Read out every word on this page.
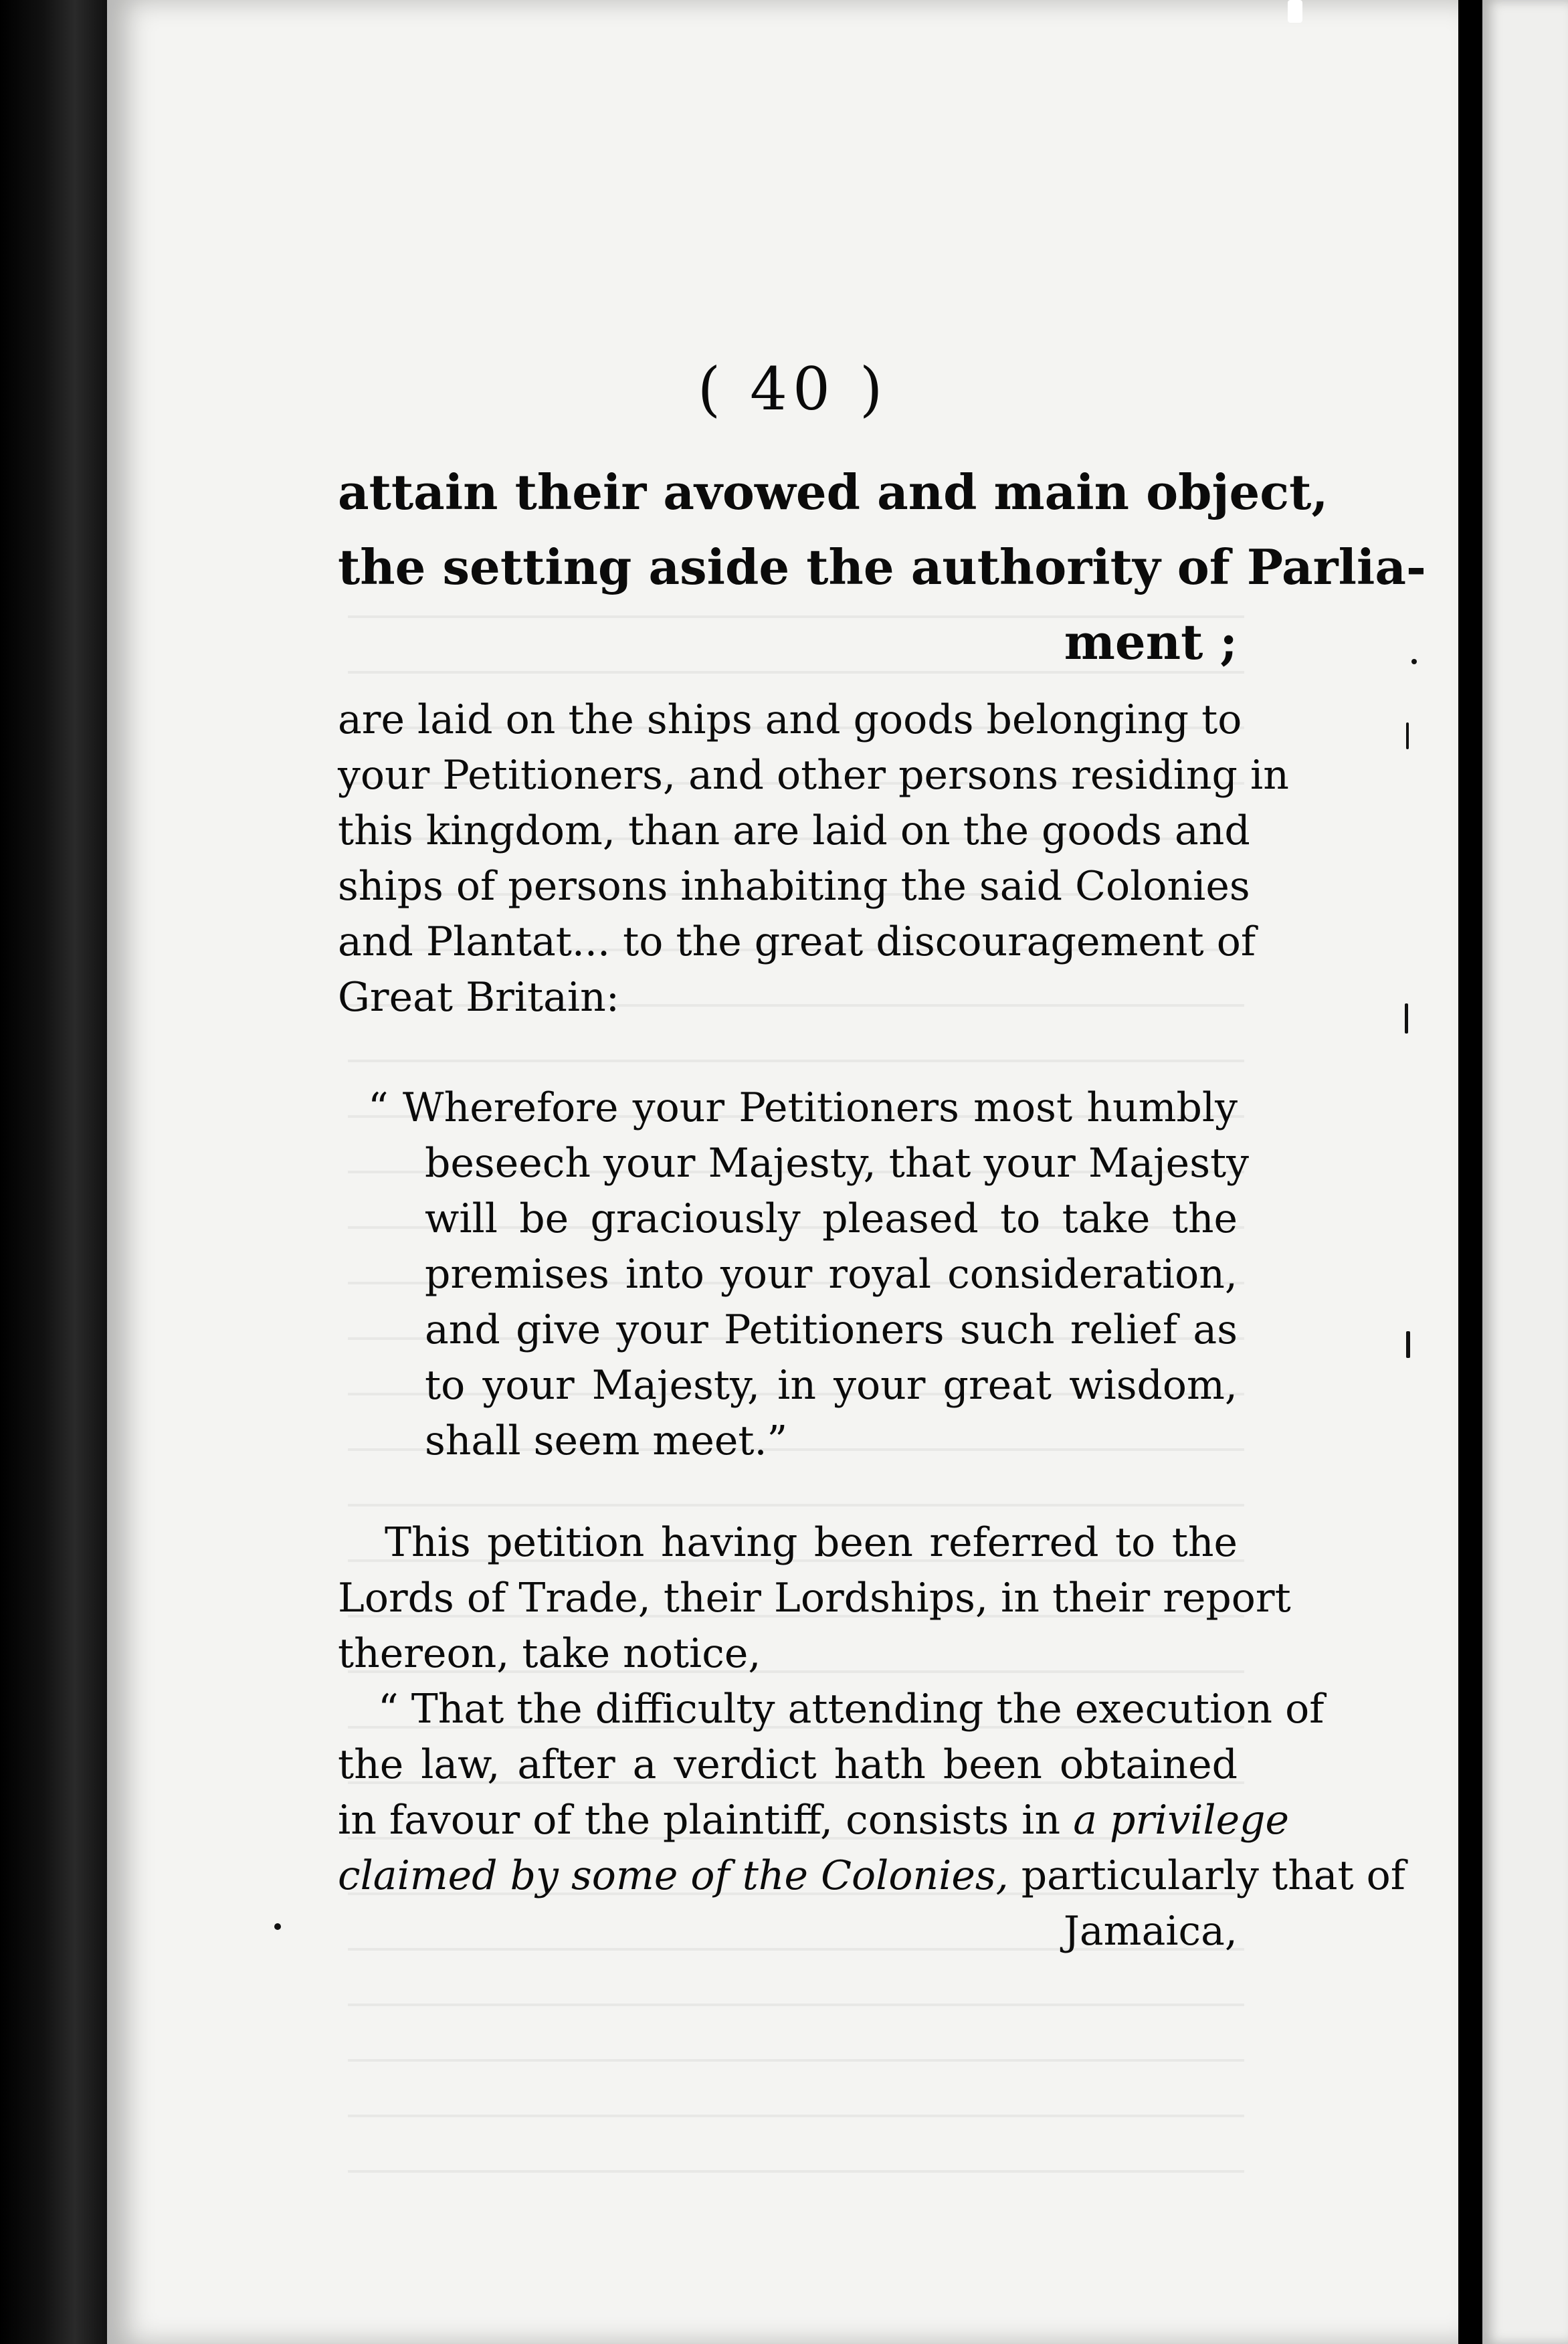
( 40 )
attain their avowed and main object,
the setting aside the authority of Parlia-
ment ;
are laid on the ships and goods belonging to
your Petitioners, and other persons residing in
this kingdom, than are laid on the goods and
ships of persons inhabiting the said Colonies
and Plantat... to the great discouragement of
Great Britain:
“ Wherefore your Petitioners most humbly
beseech your Majesty, that your Majesty
will be graciously pleased to take the
premises into your royal consideration,
and give your Petitioners such relief as
to your Majesty, in your great wisdom,
shall seem meet.”
This petition having been referred to the
Lords of Trade, their Lordships, in their report
thereon, take notice,
“ That the difficulty attending the execution of
the law, after a verdict hath been obtained
in favour of the plaintiff, consists in a privilege
claimed by some of the Colonies, particularly that of
Jamaica,
